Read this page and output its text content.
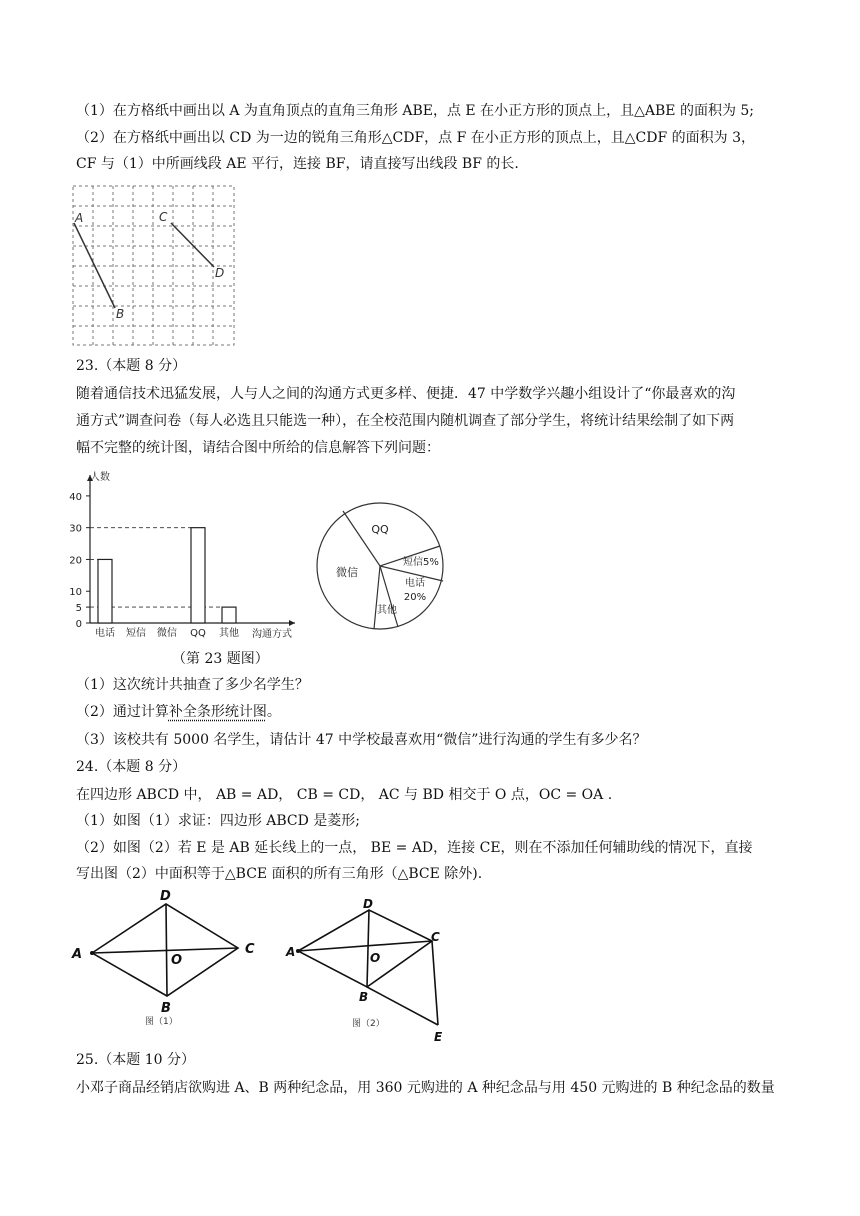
（1）在方格纸中画出以 A 为直角顶点的直角三角形 ABE，点 E 在小正方形的顶点上，且△ABE 的面积为 5;
（2）在方格纸中画出以 CD 为一边的锐角三角形△CDF，点 F 在小正方形的顶点上，且△CDF 的面积为 3，
CF 与（1）中所画线段 AE 平行，连接 BF，请直接写出线段 BF 的长.
A
B
C
D
23.（本题 8 分）
随着通信技术迅猛发展，人与人之间的沟通方式更多样、便捷．47 中学数学兴趣小组设计了“你最喜欢的沟
通方式”调查问卷（每人必选且只能选一种），在全校范围内随机调查了部分学生，将统计结果绘制了如下两
幅不完整的统计图，请结合图中所给的信息解答下列问题：
0
5
10
20
30
40
电话 短信 微信 QQ 其他
人数
沟通方式
QQ
短信5%
电话
20%
其他
微信
（第 23 题图）
（1）这次统计共抽查了多少名学生？
（2）通过计算补全条形统计图。
（3）该校共有 5000 名学生，请估计 47 中学校最喜欢用“微信”进行沟通的学生有多少名？
24.（本题 8 分）
在四边形 ABCD 中， AB = AD， CB = CD， AC 与 BD 相交于 O 点，OC = OA .
（1）如图（1）求证：四边形 ABCD 是菱形;
（2）如图（2）若 E 是 AB 延长线上的一点， BE = AD，连接 CE，则在不添加任何辅助线的情况下，直接
写出图（2）中面积等于△BCE 面积的所有三角形（△BCE 除外).
A
D
C
B
O
图（1）
A
D
C
B
O
E
图（2）
25.（本题 10 分）
小邓子商品经销店欲购进 A、B 两种纪念品，用 360 元购进的 A 种纪念品与用 450 元购进的 B 种纪念品的数量
